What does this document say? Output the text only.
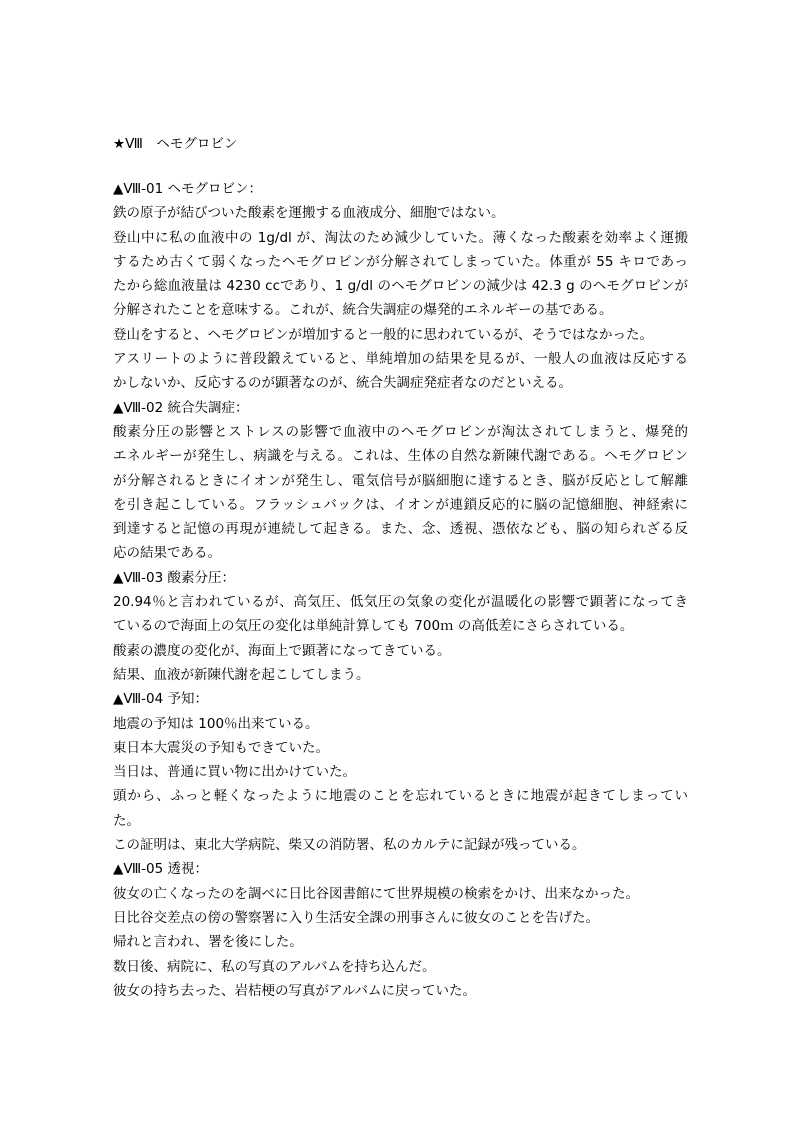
★Ⅷ　ヘモグロビン
▲Ⅷ-01 ヘモグロビン：
鉄の原子が結びついた酸素を運搬する血液成分、細胞ではない。
登山中に私の血液中の 1g/dl が、淘汰のため減少していた。薄くなった酸素を効率よく運搬
するため古くて弱くなったヘモグロビンが分解されてしまっていた。体重が 55 キロであっ
たから総血液量は 4230 ccであり、1 g/dl のヘモグロビンの減少は 42.3 g のヘモグロビンが
分解されたことを意味する。これが、統合失調症の爆発的エネルギーの基である。
登山をすると、ヘモグロビンが増加すると一般的に思われているが、そうではなかった。
アスリートのように普段鍛えていると、単純増加の結果を見るが、一般人の血液は反応する
かしないか、反応するのが顕著なのが、統合失調症発症者なのだといえる。
▲Ⅷ-02 統合失調症：
酸素分圧の影響とストレスの影響で血液中のヘモグロビンが淘汰されてしまうと、爆発的
エネルギーが発生し、病識を与える。これは、生体の自然な新陳代謝である。ヘモグロビン
が分解されるときにイオンが発生し、電気信号が脳細胞に達するとき、脳が反応として解離
を引き起こしている。フラッシュバックは、イオンが連鎖反応的に脳の記憶細胞、神経索に
到達すると記憶の再現が連続して起きる。また、念、透視、憑依なども、脳の知られざる反
応の結果である。
▲Ⅷ-03 酸素分圧：
20.94％と言われているが、高気圧、低気圧の気象の変化が温暖化の影響で顕著になってき
ているので海面上の気圧の変化は単純計算しても 700ｍ の高低差にさらされている。
酸素の濃度の変化が、海面上で顕著になってきている。
結果、血液が新陳代謝を起こしてしまう。
▲Ⅷ-04 予知：
地震の予知は 100％出来ている。
東日本大震災の予知もできていた。
当日は、普通に買い物に出かけていた。
頭から、ふっと軽くなったように地震のことを忘れているときに地震が起きてしまってい
た。
この証明は、東北大学病院、柴又の消防署、私のカルテに記録が残っている。
▲Ⅷ-05 透視：
彼女の亡くなったのを調べに日比谷図書館にて世界規模の検索をかけ、出来なかった。
日比谷交差点の傍の警察署に入り生活安全課の刑事さんに彼女のことを告げた。
帰れと言われ、署を後にした。
数日後、病院に、私の写真のアルバムを持ち込んだ。
彼女の持ち去った、岩桔梗の写真がアルバムに戻っていた。
